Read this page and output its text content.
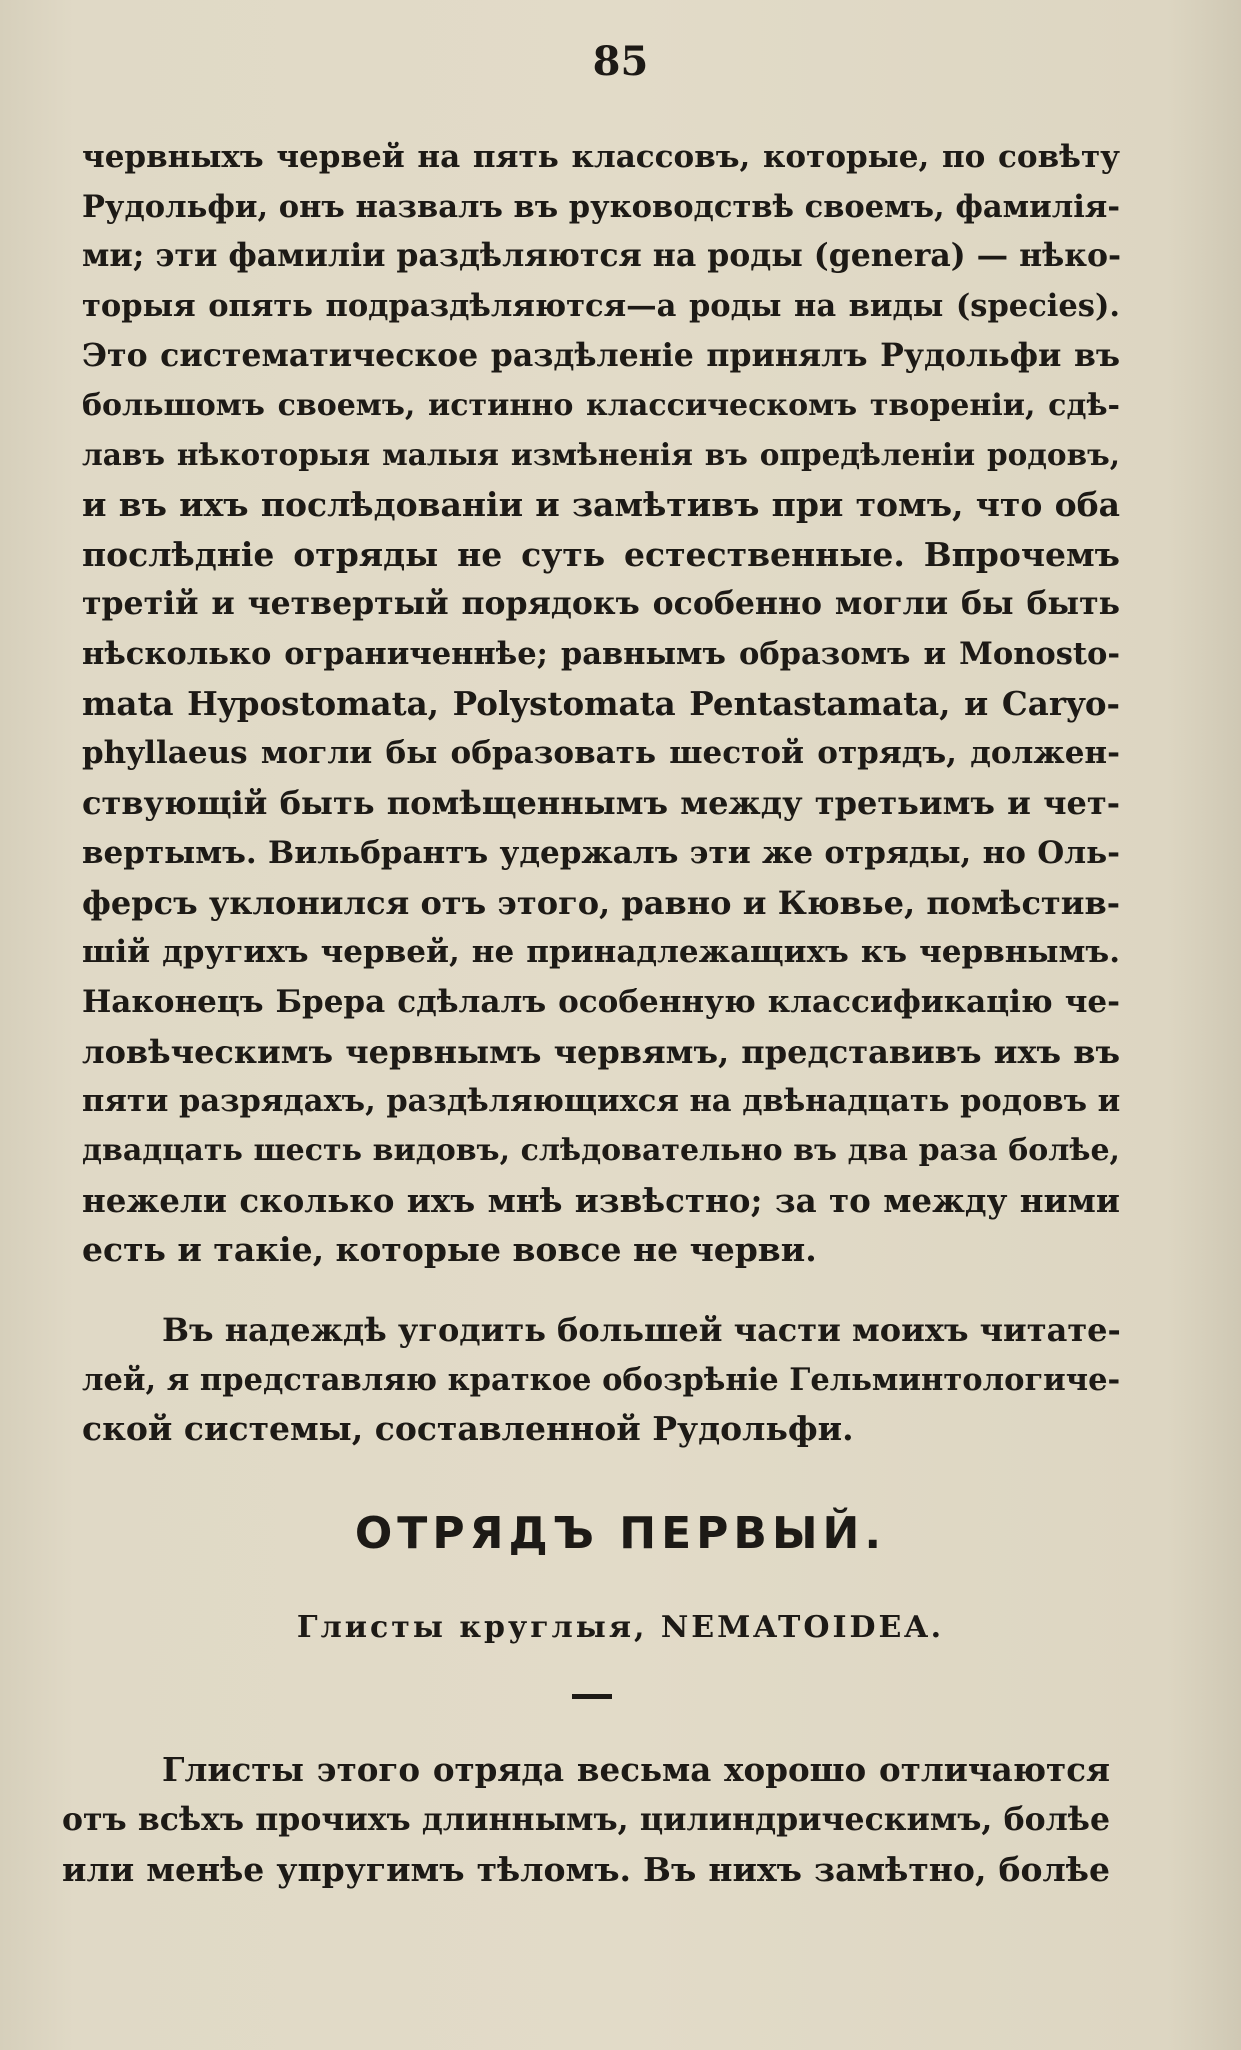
85
червныхъ червей на пять классовъ, которые, по совѣту
Рудольфи, онъ назвалъ въ руководствѣ своемъ, фамилія-
ми; эти фамиліи раздѣляются на роды (genera) — нѣко-
торыя опять подраздѣляются—а роды на виды (species).
Это систематическое раздѣленіе принялъ Рудольфи въ
большомъ своемъ, истинно классическомъ твореніи, сдѣ-
лавъ нѣкоторыя малыя измѣненія въ опредѣленіи родовъ,
и въ ихъ послѣдованіи и замѣтивъ при томъ, что оба
послѣдніе отряды не суть естественные. Впрочемъ
третій и четвертый порядокъ особенно могли бы быть
нѣсколько ограниченнѣе; равнымъ образомъ и Monosto-
mata Hypostomata, Polystomata Pentastamata, и Caryo-
phyllaeus могли бы образовать шестой отрядъ, должен-
ствующій быть помѣщеннымъ между третьимъ и чет-
вертымъ. Вильбрантъ удержалъ эти же отряды, но Оль-
ферсъ уклонился отъ этого, равно и Кювье, помѣстив-
шій другихъ червей, не принадлежащихъ къ червнымъ.
Наконецъ Брера сдѣлалъ особенную классификацію че-
ловѣческимъ червнымъ червямъ, представивъ ихъ въ
пяти разрядахъ, раздѣляющихся на двѣнадцать родовъ и
двадцать шесть видовъ, слѣдовательно въ два раза болѣе,
нежели сколько ихъ мнѣ извѣстно; за то между ними
есть и такіе, которые вовсе не черви.
Въ надеждѣ угодить большей части моихъ читате-
лей, я представляю краткое обозрѣніе Гельминтологиче-
ской системы, составленной Рудольфи.
ОТРЯДЪ ПЕРВЫЙ.
Глисты круглыя, NEMATOIDEA.
Глисты этого отряда весьма хорошо отличаются
отъ всѣхъ прочихъ длиннымъ, цилиндрическимъ, болѣе
или менѣе упругимъ тѣломъ. Въ нихъ замѣтно, болѣе
